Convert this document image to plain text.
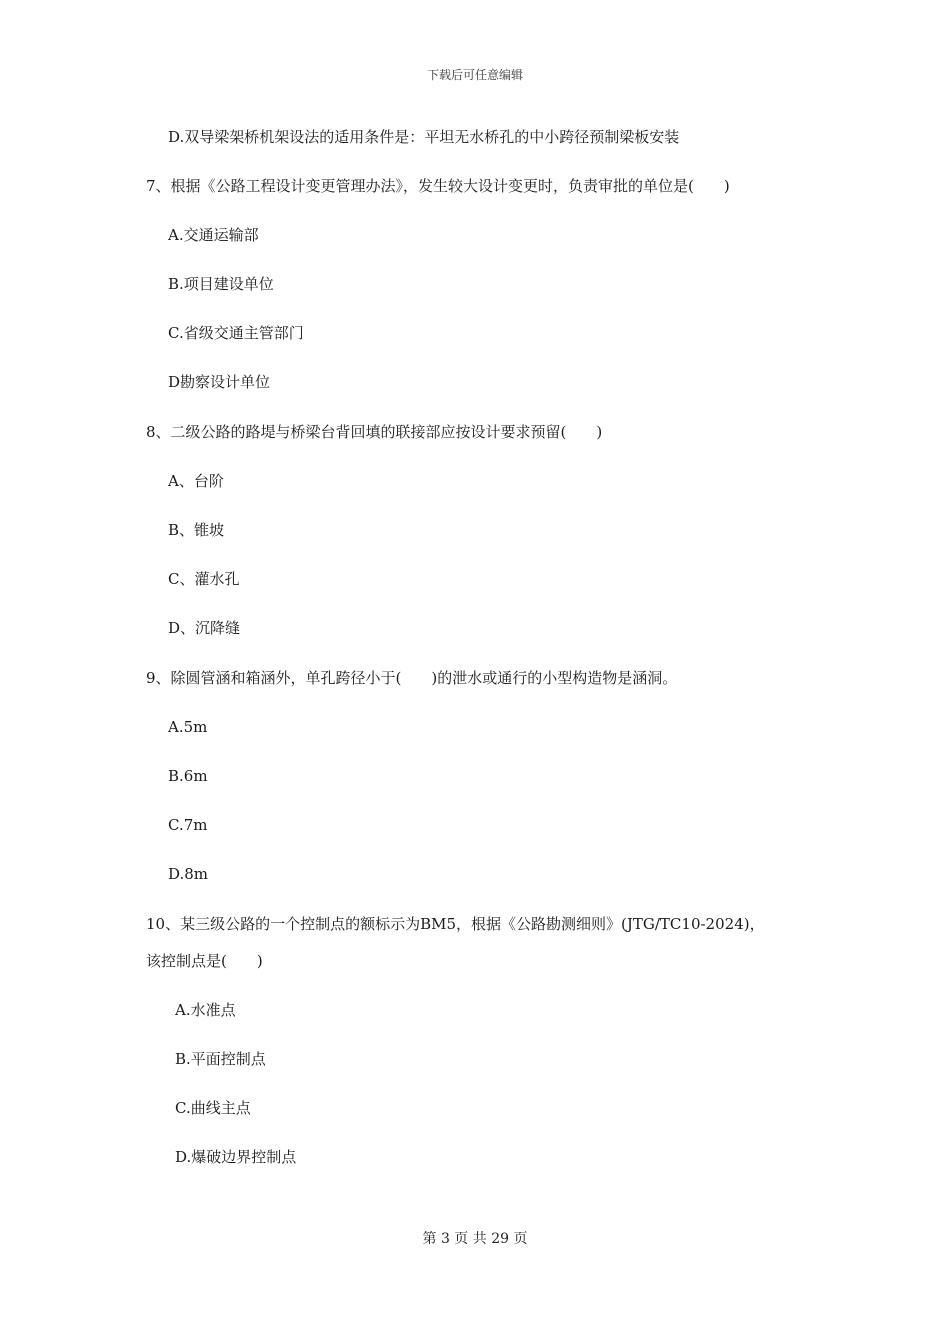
下载后可任意编辑
D.双导梁架桥机架设法的适用条件是：平坦无水桥孔的中小跨径预制梁板安装
7、根据《公路工程设计变更管理办法》，发生较大设计变更时，负责审批的单位是(　　)
A.交通运输部
B.项目建设单位
C.省级交通主管部门
D勘察设计单位
8、二级公路的路堤与桥梁台背回填的联接部应按设计要求预留(　　)
A、台阶
B、锥坡
C、灌水孔
D、沉降缝
9、除圆管涵和箱涵外，单孔跨径小于(　　)的泄水或通行的小型构造物是涵洞。
A.5m
B.6m
C.7m
D.8m
10、某三级公路的一个控制点的额标示为BM5，根据《公路勘测细则》(JTG/TC10-2024)，
该控制点是(　　)
A.水准点
B.平面控制点
C.曲线主点
D.爆破边界控制点
第 3 页 共 29 页
